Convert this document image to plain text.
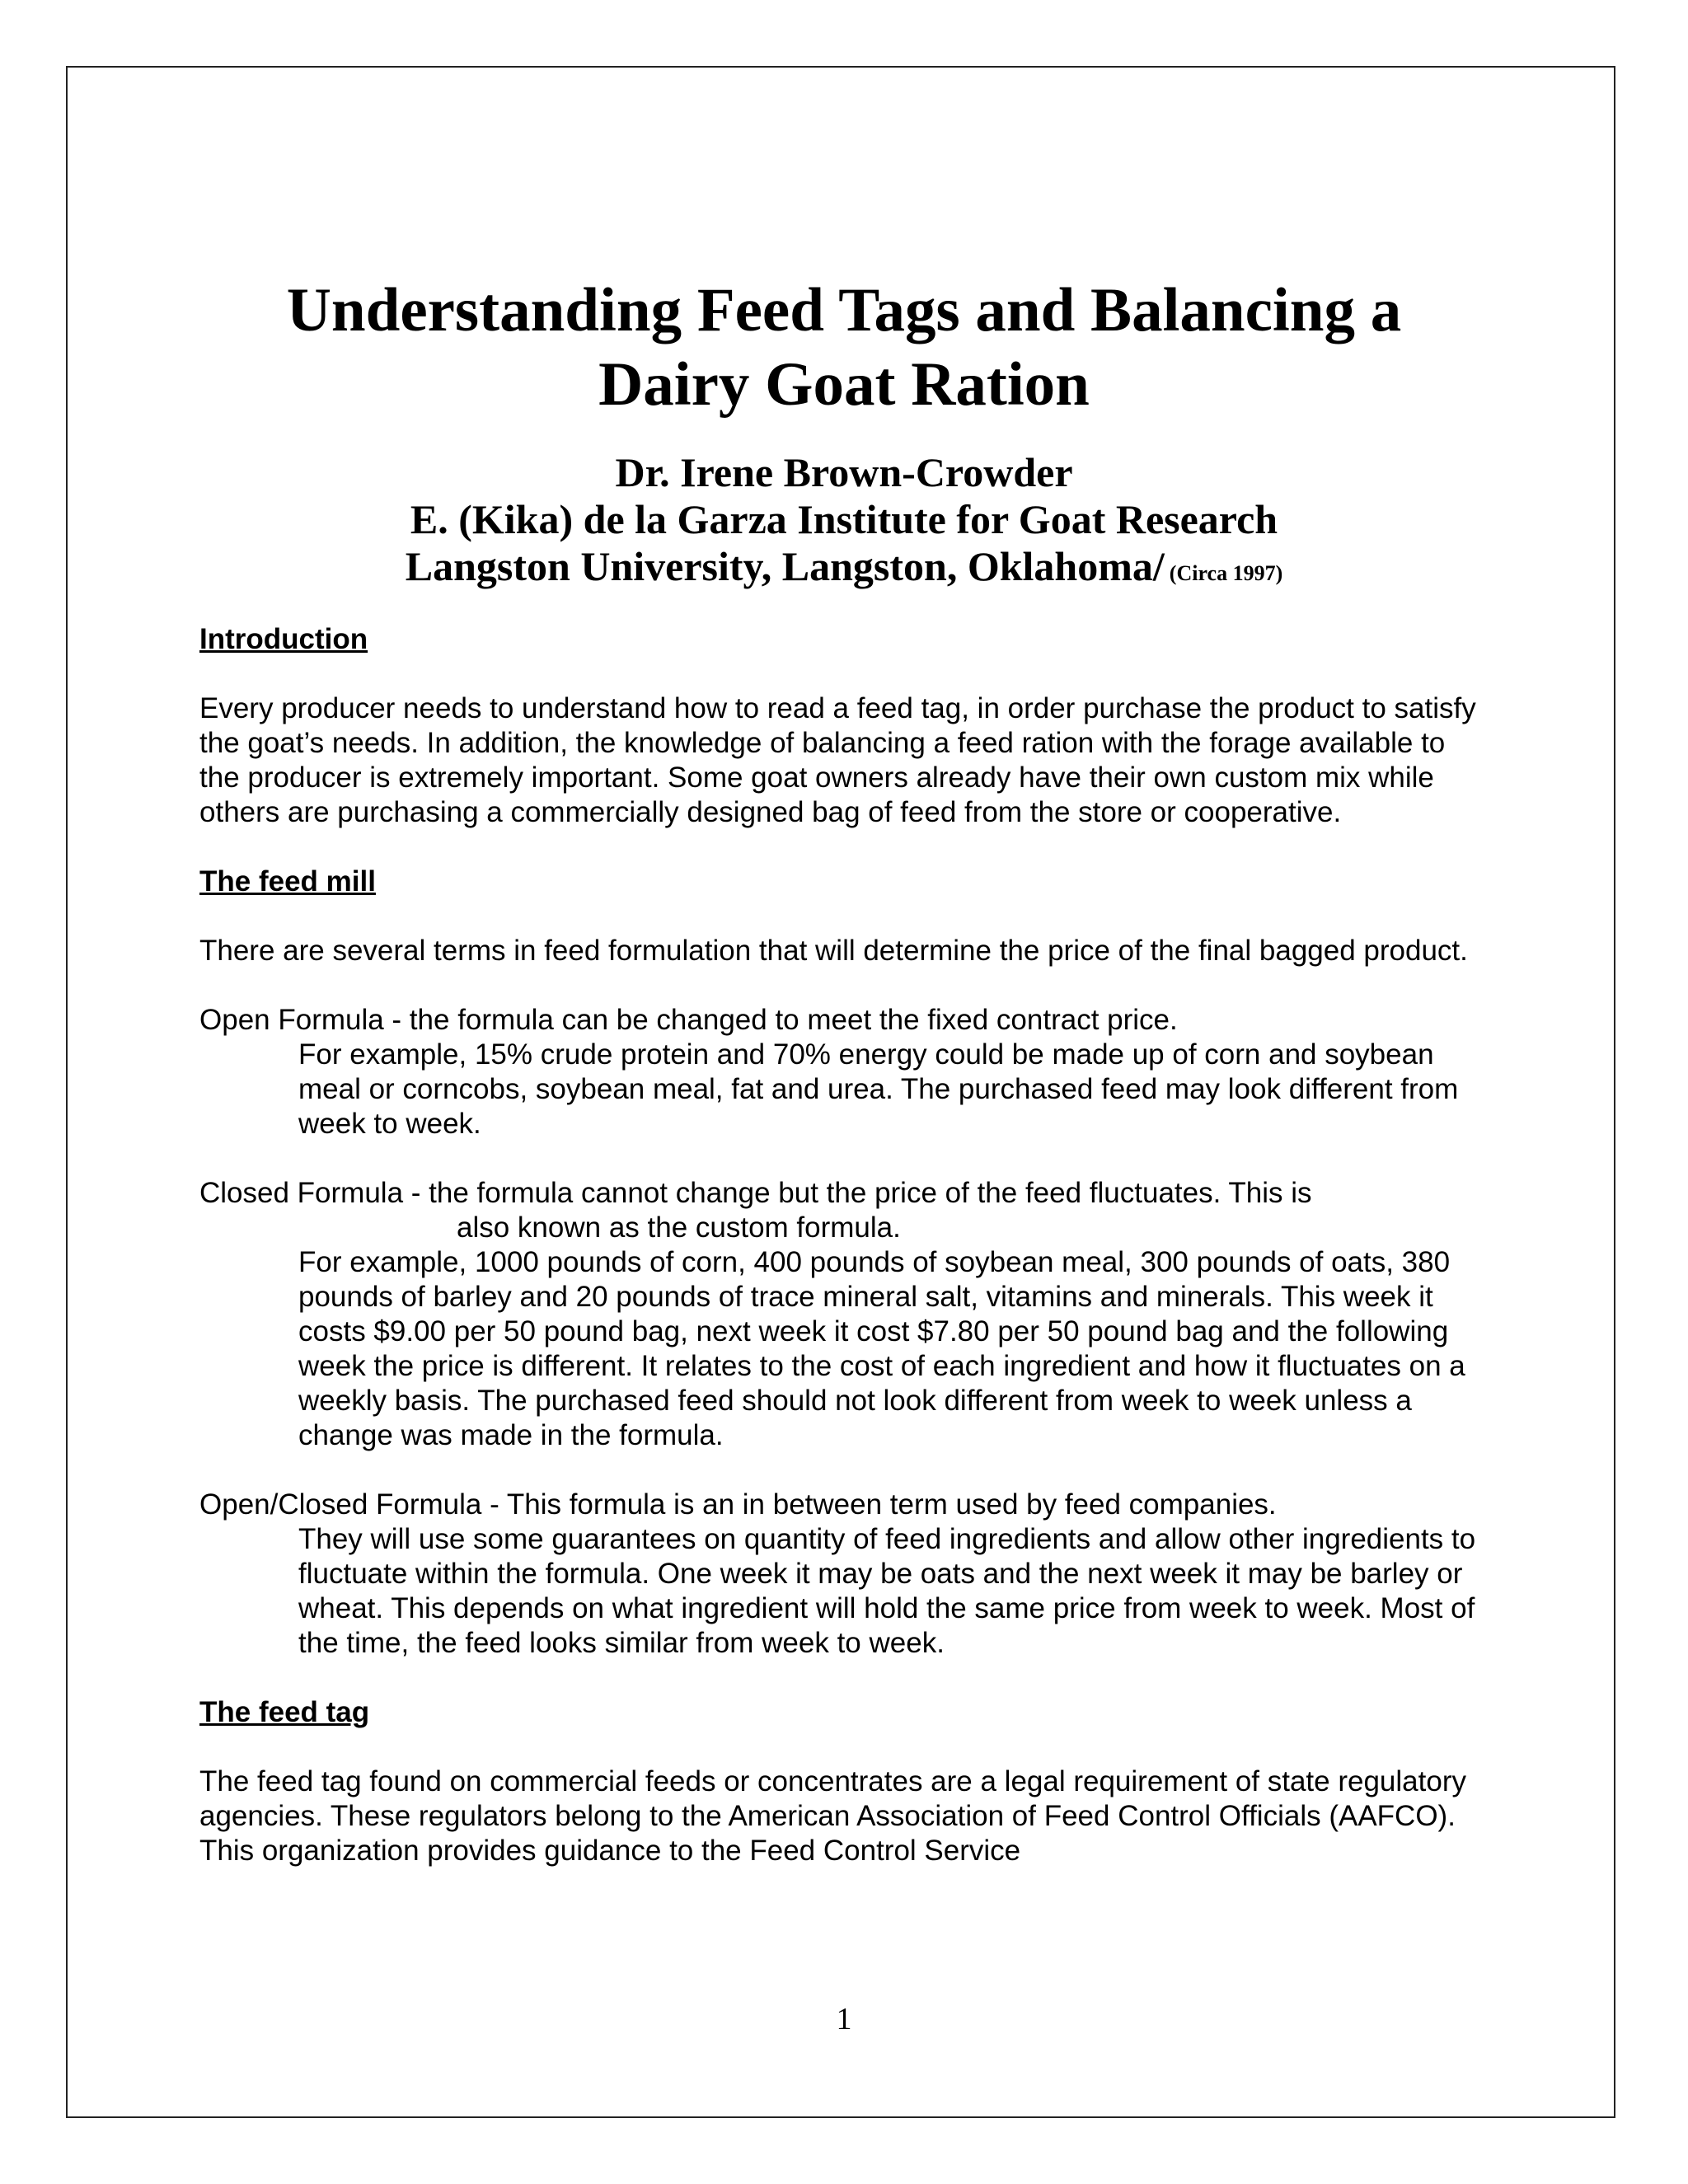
Understanding Feed Tags and Balancing a
Dairy Goat Ration
Dr. Irene Brown-Crowder
E. (Kika) de la Garza Institute for Goat Research
Langston University, Langston, Oklahoma/ (Circa 1997)

Introduction

Every producer needs to understand how to read a feed tag, in order purchase the product to satisfy the goat’s needs. In addition, the knowledge of balancing a feed ration with the forage available to the producer is extremely important. Some goat owners already have their own custom mix while others are purchasing a commercially designed bag of feed from the store or cooperative.

The feed mill

There are several terms in feed formulation that will determine the price of the final bagged product.

Open Formula - the formula can be changed to meet the fixed contract price.

For example, 15% crude protein and 70% energy could be made up of corn and soybean meal or corncobs, soybean meal, fat and urea. The purchased feed may look different from week to week.

Closed Formula - the formula cannot change but the price of the feed fluctuates. This is

also known as the custom formula.

For example, 1000 pounds of corn, 400 pounds of soybean meal, 300 pounds of oats, 380 pounds of barley and 20 pounds of trace mineral salt, vitamins and minerals. This week it costs $9.00 per 50 pound bag, next week it cost $7.80 per 50 pound bag and the following week the price is different. It relates to the cost of each ingredient and how it fluctuates on a weekly basis. The purchased feed should not look different from week to week unless a change was made in the formula.

Open/Closed Formula - This formula is an in between term used by feed companies.

They will use some guarantees on quantity of feed ingredients and allow other ingredients to fluctuate within the formula. One week it may be oats and the next week it may be barley or wheat. This depends on what ingredient will hold the same price from week to week. Most of the time, the feed looks similar from week to week.

The feed tag

The feed tag found on commercial feeds or concentrates are a legal requirement of state regulatory agencies. These regulators belong to the American Association of Feed Control Officials (AAFCO). This organization provides guidance to the Feed Control Service

1
